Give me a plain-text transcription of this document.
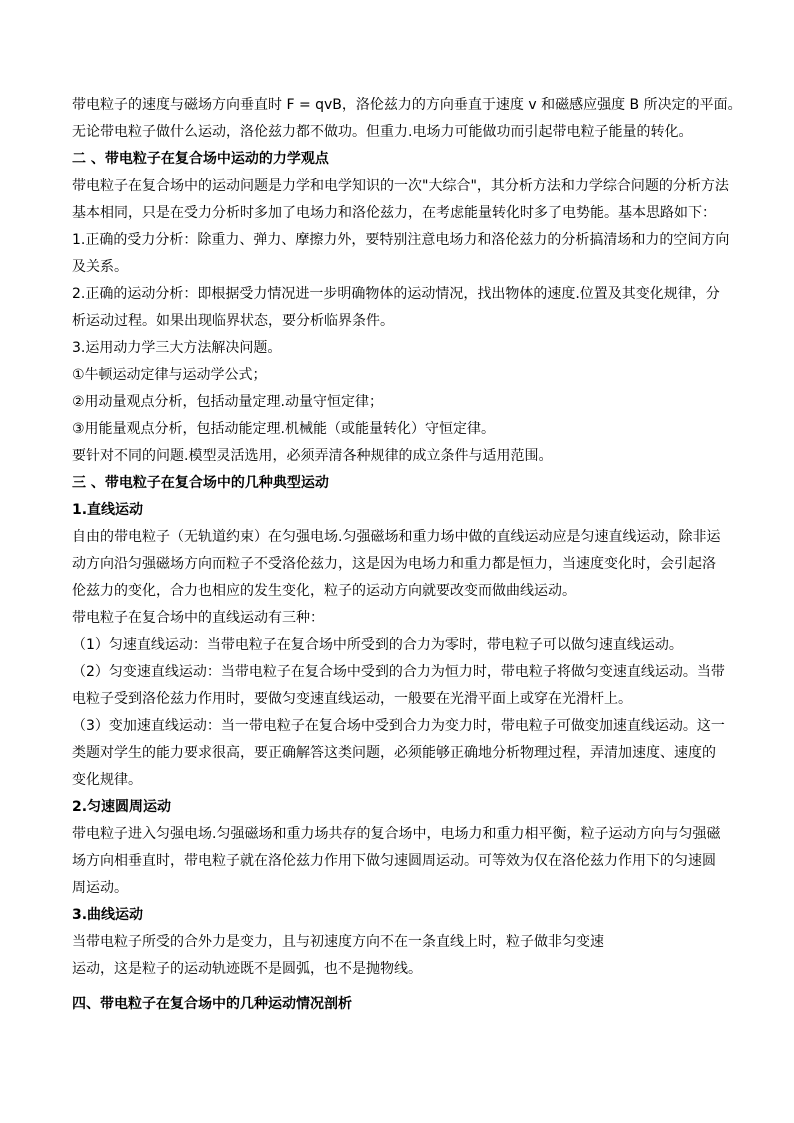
带电粒子的速度与磁场方向垂直时 F = qvB，洛伦兹力的方向垂直于速度 v 和磁感应强度 B 所决定的平面。
无论带电粒子做什么运动，洛伦兹力都不做功。但重力.电场力可能做功而引起带电粒子能量的转化。
二 、带电粒子在复合场中运动的力学观点
带电粒子在复合场中的运动问题是力学和电学知识的一次"大综合"，其分析方法和力学综合问题的分析方法
基本相同，只是在受力分析时多加了电场力和洛伦兹力，在考虑能量转化时多了电势能。基本思路如下：
1.正确的受力分析：除重力、弹力、摩擦力外，要特别注意电场力和洛伦兹力的分析搞清场和力的空间方向
及关系。
2.正确的运动分析：即根据受力情况进一步明确物体的运动情况，找出物体的速度.位置及其变化规律，分
析运动过程。如果出现临界状态，要分析临界条件。
3.运用动力学三大方法解决问题。
①牛顿运动定律与运动学公式；
②用动量观点分析，包括动量定理.动量守恒定律；
③用能量观点分析，包括动能定理.机械能（或能量转化）守恒定律。
要针对不同的问题.模型灵活选用，必须弄清各种规律的成立条件与适用范围。
三 、带电粒子在复合场中的几种典型运动
1.直线运动
自由的带电粒子（无轨道约束）在匀强电场.匀强磁场和重力场中做的直线运动应是匀速直线运动，除非运
动方向沿匀强磁场方向而粒子不受洛伦兹力，这是因为电场力和重力都是恒力，当速度变化时，会引起洛
伦兹力的变化，合力也相应的发生变化，粒子的运动方向就要改变而做曲线运动。
带电粒子在复合场中的直线运动有三种：
（1）匀速直线运动：当带电粒子在复合场中所受到的合力为零时，带电粒子可以做匀速直线运动。
（2）匀变速直线运动：当带电粒子在复合场中受到的合力为恒力时，带电粒子将做匀变速直线运动。当带
电粒子受到洛伦兹力作用时，要做匀变速直线运动，一般要在光滑平面上或穿在光滑杆上。
（3）变加速直线运动：当一带电粒子在复合场中受到合力为变力时，带电粒子可做变加速直线运动。这一
类题对学生的能力要求很高，要正确解答这类问题，必须能够正确地分析物理过程，弄清加速度、速度的
变化规律。
2.匀速圆周运动
带电粒子进入匀强电场.匀强磁场和重力场共存的复合场中，电场力和重力相平衡，粒子运动方向与匀强磁
场方向相垂直时，带电粒子就在洛伦兹力作用下做匀速圆周运动。可等效为仅在洛伦兹力作用下的匀速圆
周运动。
3.曲线运动
当带电粒子所受的合外力是变力，且与初速度方向不在一条直线上时，粒子做非匀变速
运动，这是粒子的运动轨迹既不是圆弧，也不是抛物线。
四、带电粒子在复合场中的几种运动情况剖析
